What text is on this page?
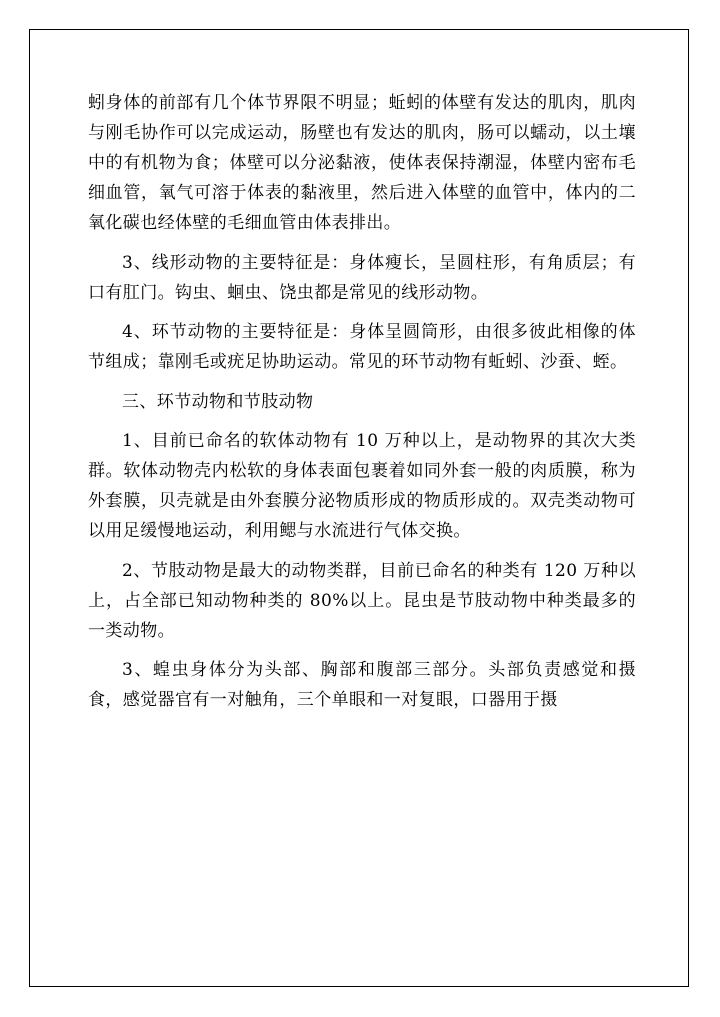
蚓身体的前部有几个体节界限不明显；蚯蚓的体壁有发达的肌肉，肌肉与刚毛协作可以完成运动，肠壁也有发达的肌肉，肠可以蠕动，以土壤中的有机物为食；体壁可以分泌黏液，使体表保持潮湿，体壁内密布毛细血管，氧气可溶于体表的黏液里，然后进入体壁的血管中，体内的二氧化碳也经体壁的毛细血管由体表排出。

3、线形动物的主要特征是：身体瘦长，呈圆柱形，有角质层；有口有肛门。钩虫、蛔虫、饶虫都是常见的线形动物。

4、环节动物的主要特征是：身体呈圆筒形，由很多彼此相像的体节组成；靠刚毛或疣足协助运动。常见的环节动物有蚯蚓、沙蚕、蛭。

三、环节动物和节肢动物

1、目前已命名的软体动物有 10 万种以上，是动物界的其次大类群。软体动物壳内松软的身体表面包裹着如同外套一般的肉质膜，称为外套膜，贝壳就是由外套膜分泌物质形成的物质形成的。双壳类动物可以用足缓慢地运动，利用鳃与水流进行气体交换。

2、节肢动物是最大的动物类群，目前已命名的种类有 120 万种以上，占全部已知动物种类的 80%以上。昆虫是节肢动物中种类最多的一类动物。

3、蝗虫身体分为头部、胸部和腹部三部分。头部负责感觉和摄食，感觉器官有一对触角，三个单眼和一对复眼，口器用于摄
